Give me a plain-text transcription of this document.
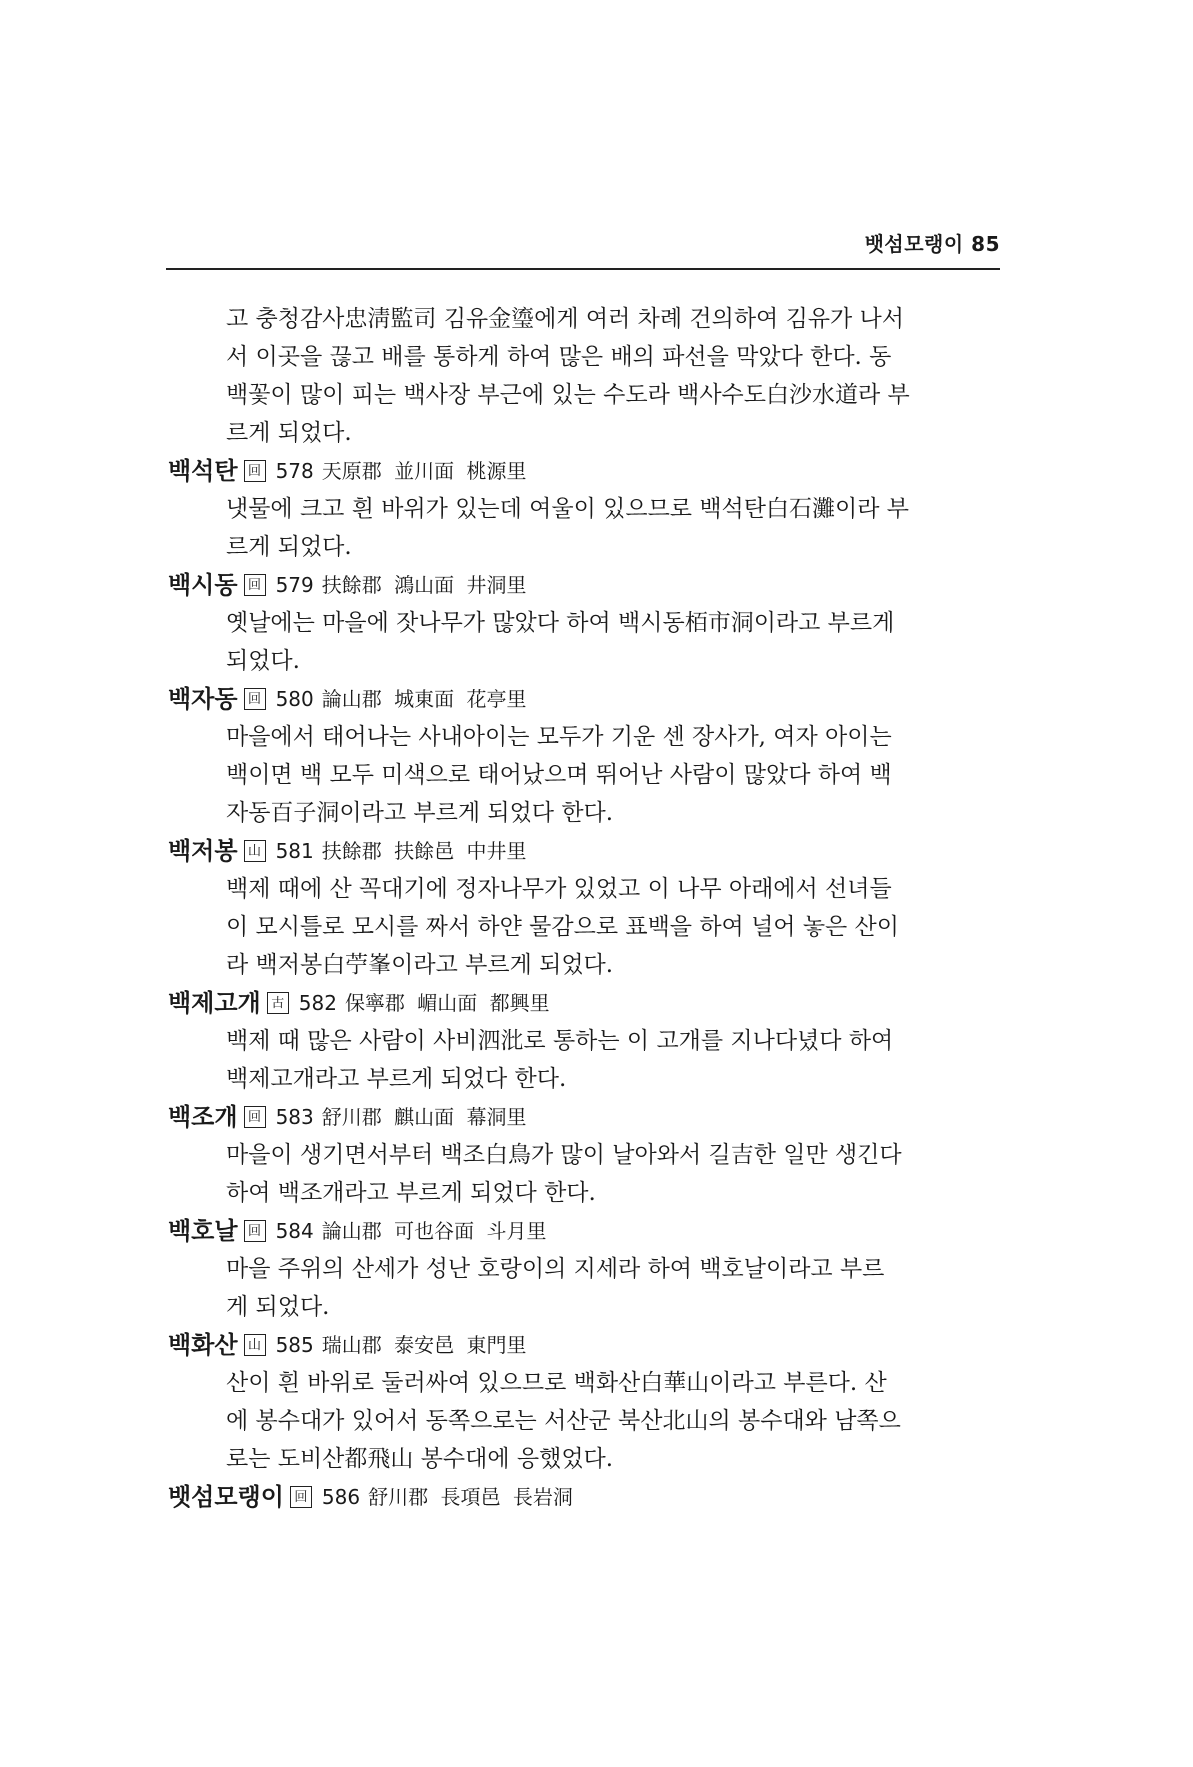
뱃섬모랭이 85
고 충청감사忠淸監司 김유金瑬에게 여러 차례 건의하여 김유가 나서
서 이곳을 끊고 배를 통하게 하여 많은 배의 파선을 막았다 한다. 동
백꽃이 많이 피는 백사장 부근에 있는 수도라 백사수도白沙水道라 부
르게 되었다.
백석탄 回 578 天原郡 並川面 桃源里
냇물에 크고 흰 바위가 있는데 여울이 있으므로 백석탄白石灘이라 부
르게 되었다.
백시동 回 579 扶餘郡 鴻山面 井洞里
옛날에는 마을에 잣나무가 많았다 하여 백시동栢市洞이라고 부르게
되었다.
백자동 回 580 論山郡 城東面 花亭里
마을에서 태어나는 사내아이는 모두가 기운 센 장사가, 여자 아이는
백이면 백 모두 미색으로 태어났으며 뛰어난 사람이 많았다 하여 백
자동百子洞이라고 부르게 되었다 한다.
백저봉 山 581 扶餘郡 扶餘邑 中井里
백제 때에 산 꼭대기에 정자나무가 있었고 이 나무 아래에서 선녀들
이 모시틀로 모시를 짜서 하얀 물감으로 표백을 하여 널어 놓은 산이
라 백저봉白苧峯이라고 부르게 되었다.
백제고개 古 582 保寧郡 嵋山面 都興里
백제 때 많은 사람이 사비泗沘로 통하는 이 고개를 지나다녔다 하여
백제고개라고 부르게 되었다 한다.
백조개 回 583 舒川郡 麒山面 幕洞里
마을이 생기면서부터 백조白鳥가 많이 날아와서 길吉한 일만 생긴다
하여 백조개라고 부르게 되었다 한다.
백호날 回 584 論山郡 可也谷面 斗月里
마을 주위의 산세가 성난 호랑이의 지세라 하여 백호날이라고 부르
게 되었다.
백화산 山 585 瑞山郡 泰安邑 東門里
산이 흰 바위로 둘러싸여 있으므로 백화산白華山이라고 부른다. 산
에 봉수대가 있어서 동쪽으로는 서산군 북산北山의 봉수대와 남쪽으
로는 도비산都飛山 봉수대에 응했었다.
뱃섬모랭이 回 586 舒川郡 長項邑 長岩洞
